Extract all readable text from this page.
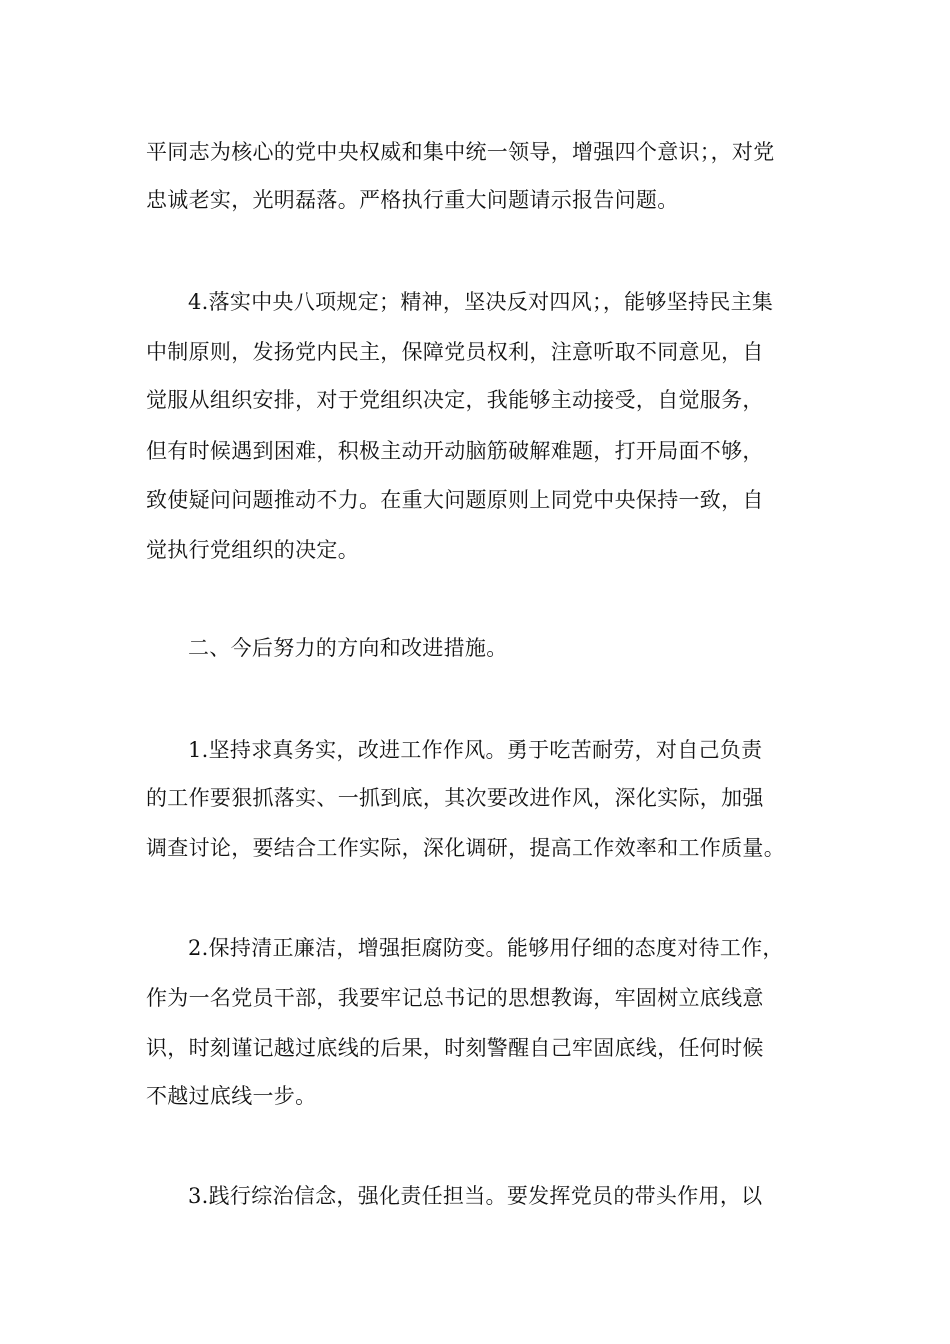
平同志为核心的党中央权威和集中统一领导，增强四个意识；，对党
忠诚老实，光明磊落。严格执行重大问题请示报告问题。
4.落实中央八项规定；精神，坚决反对四风；，能够坚持民主集
中制原则，发扬党内民主，保障党员权利，注意听取不同意见，自
觉服从组织安排，对于党组织决定，我能够主动接受，自觉服务，
但有时候遇到困难，积极主动开动脑筋破解难题，打开局面不够，
致使疑问问题推动不力。在重大问题原则上同党中央保持一致，自
觉执行党组织的决定。
二、今后努力的方向和改进措施。
1.坚持求真务实，改进工作作风。勇于吃苦耐劳，对自己负责
的工作要狠抓落实、一抓到底，其次要改进作风，深化实际，加强
调查讨论，要结合工作实际，深化调研，提高工作效率和工作质量。
2.保持清正廉洁，增强拒腐防变。能够用仔细的态度对待工作，
作为一名党员干部，我要牢记总书记的思想教诲，牢固树立底线意
识，时刻谨记越过底线的后果，时刻警醒自己牢固底线，任何时候
不越过底线一步。
3.践行综治信念，强化责任担当。要发挥党员的带头作用，以
